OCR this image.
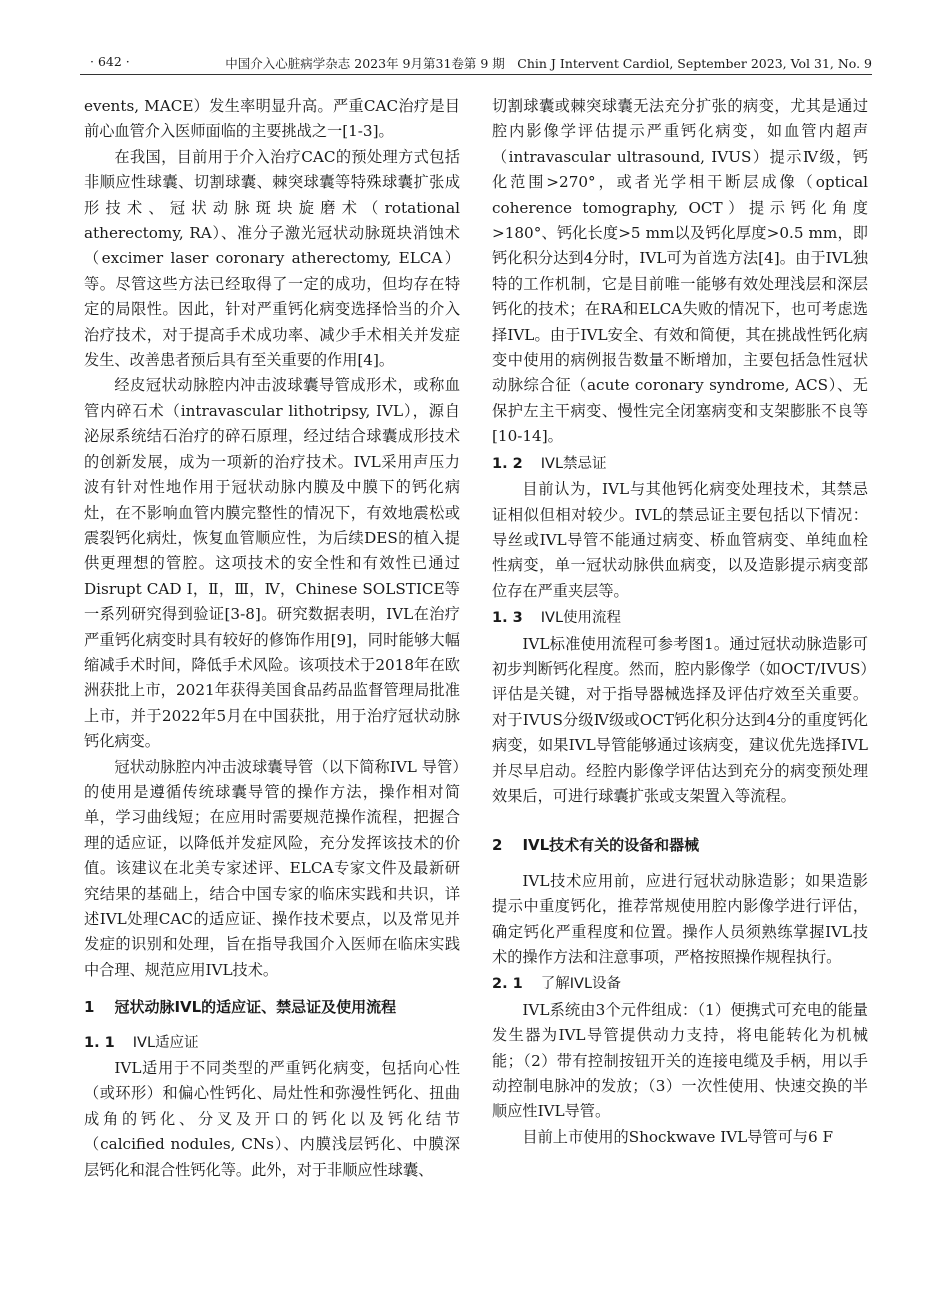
· 642 ·	中国介入心脏病学杂志 2023年 9月第31卷第 9 期　Chin J Intervent Cardiol, September 2023, Vol 31, No. 9

events, MACE）发生率明显升高。严重CAC治疗是目前心血管介入医师面临的主要挑战之一[1-3]。

在我国，目前用于介入治疗CAC的预处理方式包括非顺应性球囊、切割球囊、棘突球囊等特殊球囊扩张成形技术、冠状动脉斑块旋磨术（rotational atherectomy, RA）、准分子激光冠状动脉斑块消蚀术（excimer laser coronary atherectomy, ELCA）等。尽管这些方法已经取得了一定的成功，但均存在特定的局限性。因此，针对严重钙化病变选择恰当的介入治疗技术，对于提高手术成功率、减少手术相关并发症发生、改善患者预后具有至关重要的作用[4]。

经皮冠状动脉腔内冲击波球囊导管成形术，或称血管内碎石术（intravascular lithotripsy, IVL），源自泌尿系统结石治疗的碎石原理，经过结合球囊成形技术的创新发展，成为一项新的治疗技术。IVL采用声压力波有针对性地作用于冠状动脉内膜及中膜下的钙化病灶，在不影响血管内膜完整性的情况下，有效地震松或震裂钙化病灶，恢复血管顺应性，为后续DES的植入提供更理想的管腔。这项技术的安全性和有效性已通过Disrupt CAD Ⅰ，Ⅱ，Ⅲ，Ⅳ，Chinese SOLSTICE等一系列研究得到验证[3-8]。研究数据表明，IVL在治疗严重钙化病变时具有较好的修饰作用[9]，同时能够大幅缩减手术时间，降低手术风险。该项技术于2018年在欧洲获批上市，2021年获得美国食品药品监督管理局批准上市，并于2022年5月在中国获批，用于治疗冠状动脉钙化病变。

冠状动脉腔内冲击波球囊导管（以下简称IVL 导管）的使用是遵循传统球囊导管的操作方法，操作相对简单，学习曲线短；在应用时需要规范操作流程，把握合理的适应证，以降低并发症风险，充分发挥该技术的价值。该建议在北美专家述评、ELCA专家文件及最新研究结果的基础上，结合中国专家的临床实践和共识，详述IVL处理CAC的适应证、操作技术要点，以及常见并发症的识别和处理，旨在指导我国介入医师在临床实践中合理、规范应用IVL技术。

1 冠状动脉IVL的适应证、禁忌证及使用流程
1. 1 IVL适应证

IVL适用于不同类型的严重钙化病变，包括向心性（或环形）和偏心性钙化、局灶性和弥漫性钙化、扭曲成角的钙化、分叉及开口的钙化以及钙化结节（calcified nodules, CNs）、内膜浅层钙化、中膜深层钙化和混合性钙化等。此外，对于非顺应性球囊、

切割球囊或棘突球囊无法充分扩张的病变，尤其是通过腔内影像学评估提示严重钙化病变，如血管内超声（intravascular ultrasound, IVUS）提示Ⅳ级，钙化范围>270°，或者光学相干断层成像（optical coherence tomography, OCT）提示钙化角度>180°、钙化长度>5 mm以及钙化厚度>0.5 mm，即钙化积分达到4分时，IVL可为首选方法[4]。由于IVL独特的工作机制，它是目前唯一能够有效处理浅层和深层钙化的技术；在RA和ELCA失败的情况下，也可考虑选择IVL。由于IVL安全、有效和简便，其在挑战性钙化病变中使用的病例报告数量不断增加，主要包括急性冠状动脉综合征（acute coronary syndrome, ACS）、无保护左主干病变、慢性完全闭塞病变和支架膨胀不良等[10-14]。

1. 2 IVL禁忌证

目前认为，IVL与其他钙化病变处理技术，其禁忌证相似但相对较少。IVL的禁忌证主要包括以下情况：导丝或IVL导管不能通过病变、桥血管病变、单纯血栓性病变，单一冠状动脉供血病变，以及造影提示病变部位存在严重夹层等。

1. 3 IVL使用流程

IVL标准使用流程可参考图1。通过冠状动脉造影可初步判断钙化程度。然而，腔内影像学（如OCT/IVUS）评估是关键，对于指导器械选择及评估疗效至关重要。对于IVUS分级Ⅳ级或OCT钙化积分达到4分的重度钙化病变，如果IVL导管能够通过该病变，建议优先选择IVL并尽早启动。经腔内影像学评估达到充分的病变预处理效果后，可进行球囊扩张或支架置入等流程。

2 IVL技术有关的设备和器械

IVL技术应用前，应进行冠状动脉造影；如果造影提示中重度钙化，推荐常规使用腔内影像学进行评估，确定钙化严重程度和位置。操作人员须熟练掌握IVL技术的操作方法和注意事项，严格按照操作规程执行。

2. 1 了解IVL设备

IVL系统由3个元件组成：（1）便携式可充电的能量发生器为IVL导管提供动力支持，将电能转化为机械能；（2）带有控制按钮开关的连接电缆及手柄，用以手动控制电脉冲的发放；（3）一次性使用、快速交换的半顺应性IVL导管。

目前上市使用的Shockwave IVL导管可与6 F
